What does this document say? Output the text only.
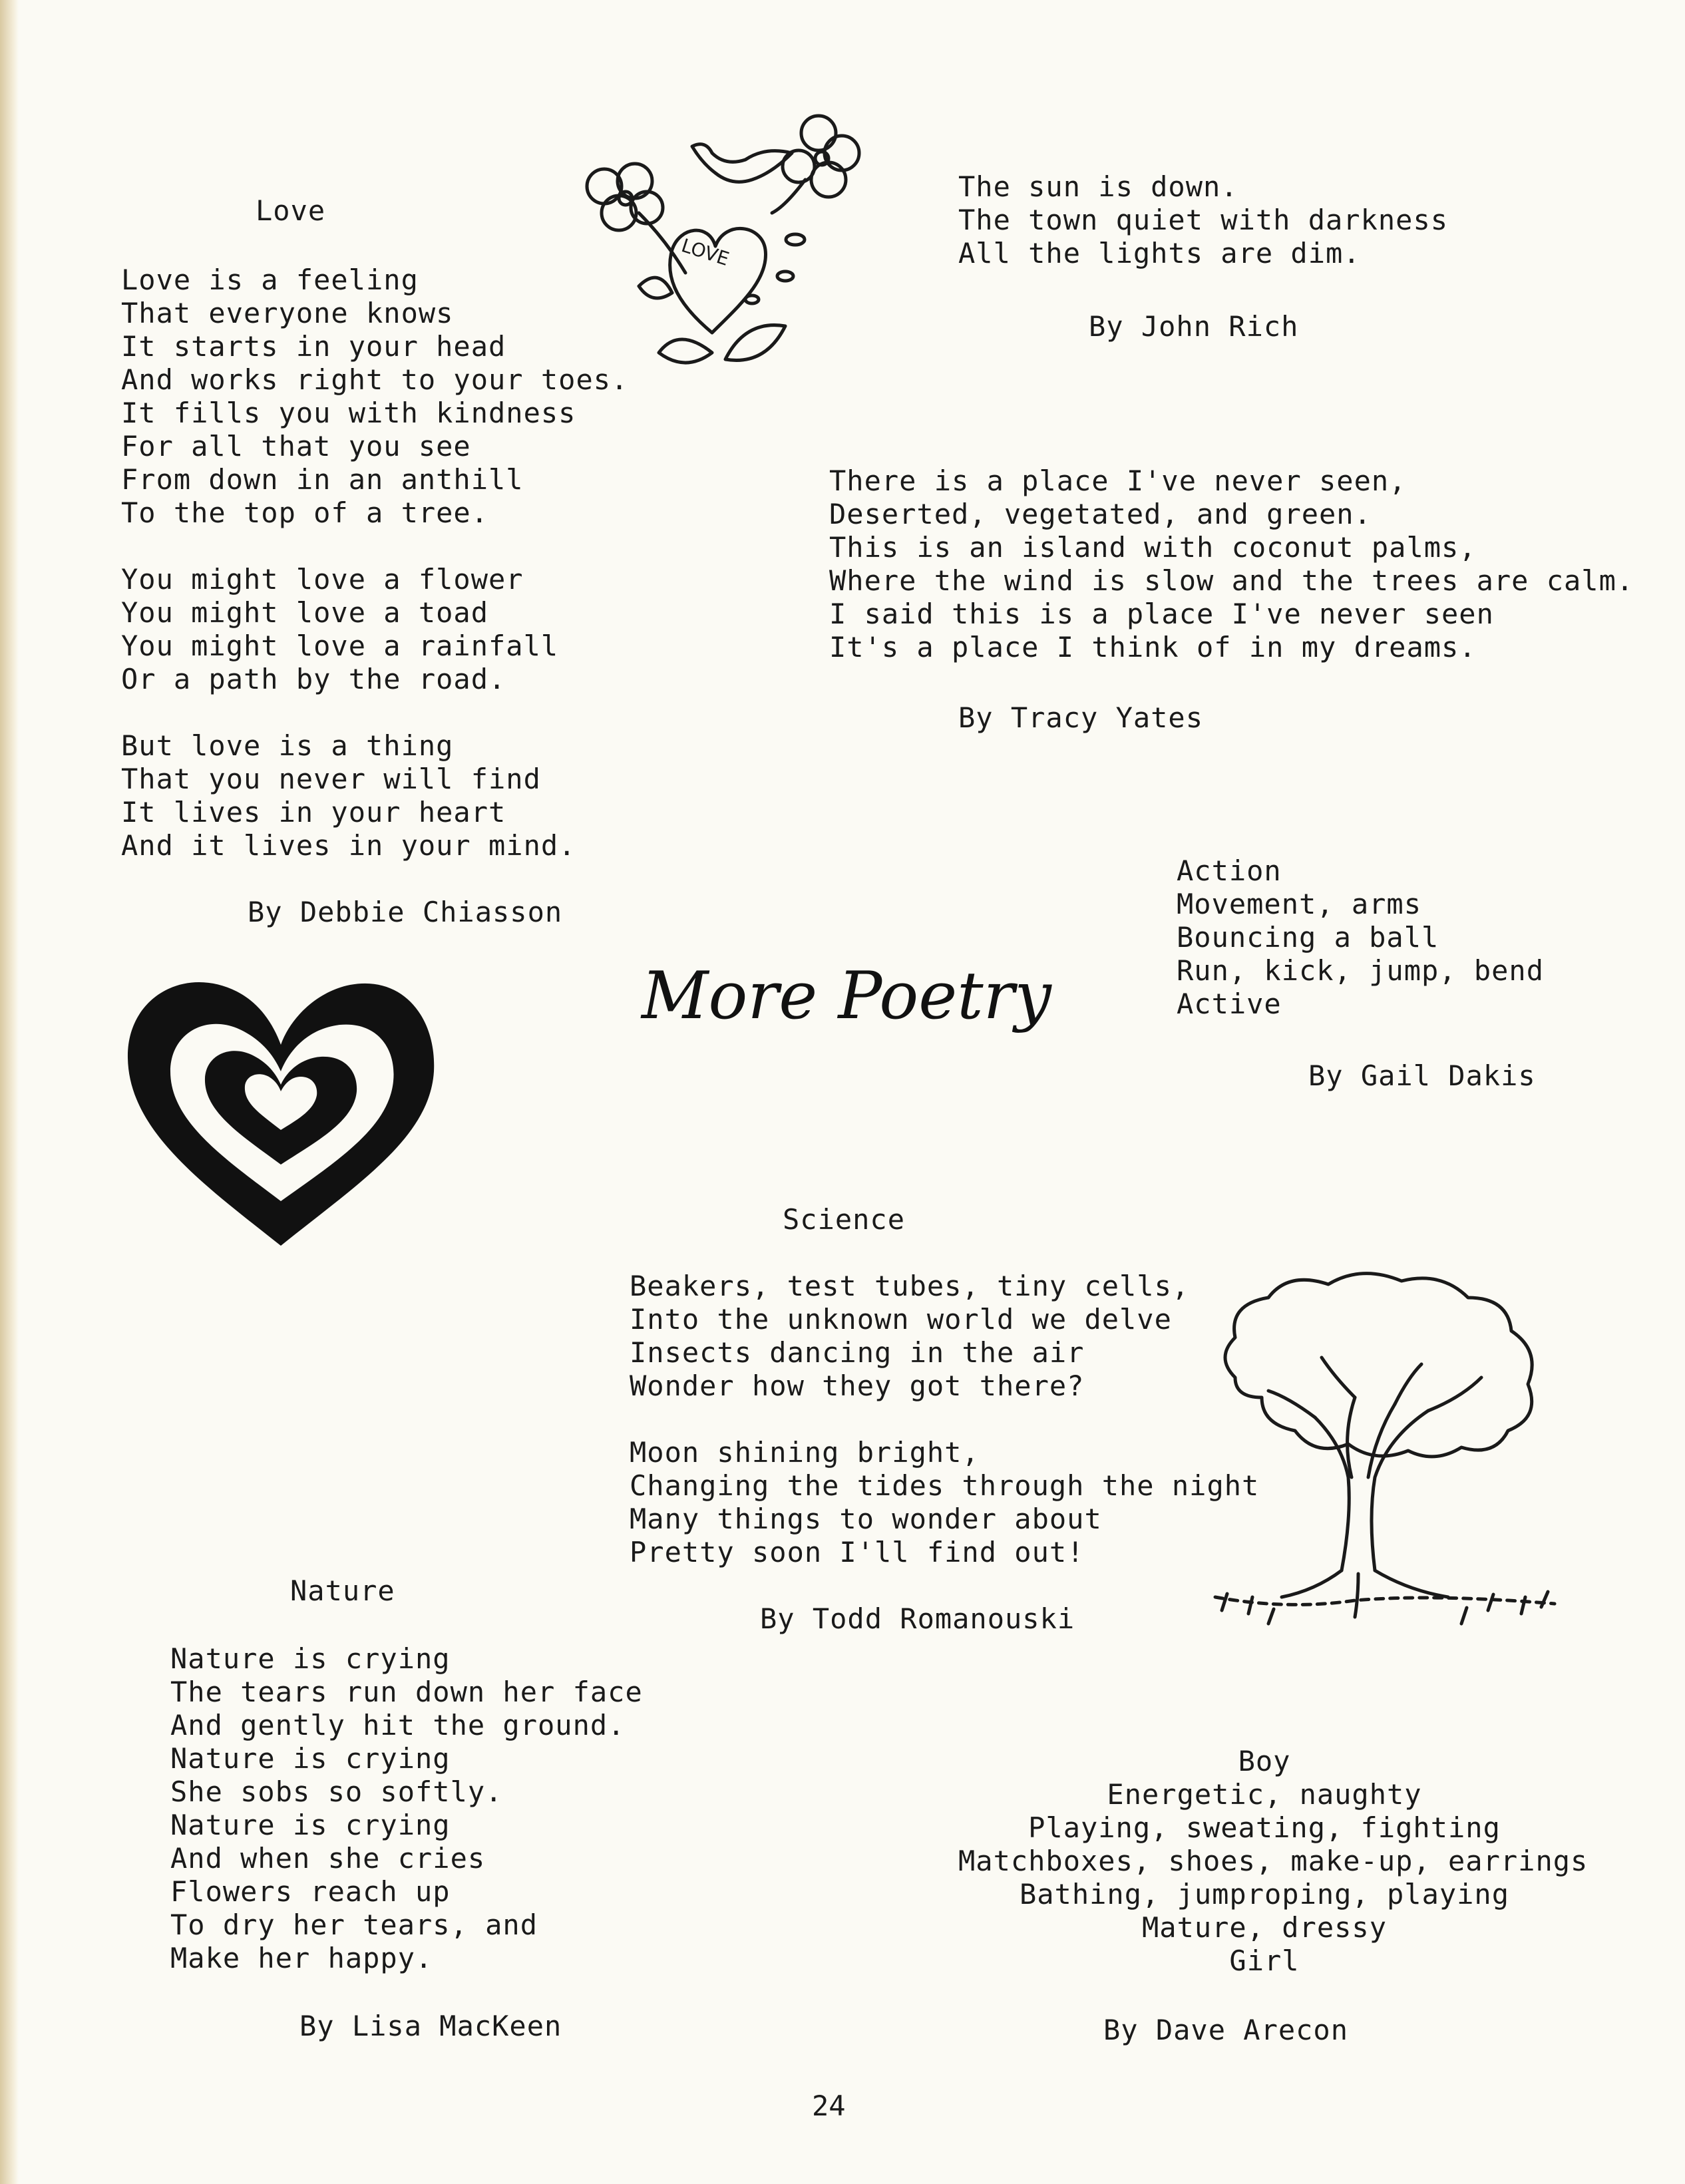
Love
Love is a feeling
That everyone knows
It starts in your head
And works right to your toes.
It fills you with kindness
For all that you see
From down in an anthill
To the top of a tree.
You might love a flower
You might love a toad
You might love a rainfall
Or a path by the road.
But love is a thing
That you never will find
It lives in your heart
And it lives in your mind.
By Debbie Chiasson
LOVE
The sun is down.
The town quiet with darkness
All the lights are dim.
By John Rich
There is a place I've never seen,
Deserted, vegetated, and green.
This is an island with coconut palms,
Where the wind is slow and the trees are calm.
I said this is a place I've never seen
It's a place I think of in my dreams.
By Tracy Yates
Action
Movement, arms
Bouncing a ball
Run, kick, jump, bend
Active
By Gail Dakis
More Poetry
Science
Beakers, test tubes, tiny cells,
Into the unknown world we delve
Insects dancing in the air
Wonder how they got there?
Moon shining bright,
Changing the tides through the night
Many things to wonder about
Pretty soon I'll find out!
By Todd Romanouski
Nature
Nature is crying
The tears run down her face
And gently hit the ground.
Nature is crying
She sobs so softly.
Nature is crying
And when she cries
Flowers reach up
To dry her tears, and
Make her happy.
By Lisa MacKeen
Boy
Energetic, naughty
Playing, sweating, fighting
Matchboxes, shoes, make-up, earrings
Bathing, jumproping, playing
Mature, dressy
Girl
By Dave Arecon
24
